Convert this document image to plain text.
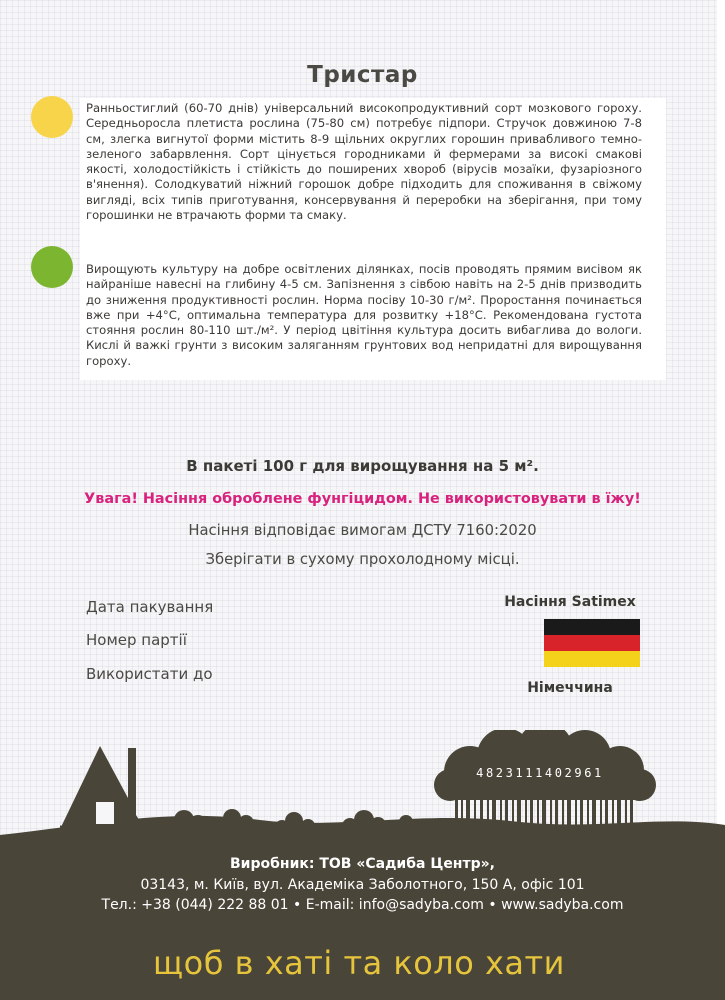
Тристар

Ранньостиглий (60-70 днів) універсальний високопродуктивний сорт мозкового гороху. Середньоросла плетиста рослина (75-80 см) потребує підпори. Стручок довжиною 7-8 см, злегка вигнутої форми містить 8-9 щільних округлих горошин привабливого темно-зеленого забарвлення. Сорт цінується городниками й фермерами за високі смакові якості, холодостійкість і стійкість до поширених хвороб (вірусів мозаїки, фузаріозного в'янення). Солодкуватий ніжний горошок добре підходить для споживання в свіжому вигляді, всіх типів приготування, консервування й переробки на зберігання, при тому горошинки не втрачають форми та смаку.

Вирощують культуру на добре освітлених ділянках, посів проводять прямим висівом як найраніше навесні на глибину 4-5 см. Запізнення з сівбою навіть на 2-5 днів призводить до зниження продуктивності рослин. Норма посіву 10-30 г/м². Проростання починається вже при +4°С, оптимальна температура для розвитку +18°С. Рекомендована густота стояння рослин 80-110 шт./м². У період цвітіння культура досить вибаглива до вологи. Кислі й важкі грунти з високим заляганням грунтових вод непридатні для вирощування гороху.

В пакеті 100 г для вирощування на 5 м².
Увага! Насіння оброблене фунгіцидом. Не використовувати в їжу!
Насіння відповідає вимогам ДСТУ 7160:2020
Зберігати в сухому прохолодному місці.
Дата пакування
Номер партії
Використати до
Насіння Satimex
Німеччина
4823111402961
Виробник: ТОВ «Садиба Центр»,
03143, м. Київ, вул. Академіка Заболотного, 150 А, офіс 101
Тел.: +38 (044) 222 88 01 • E-mail: info@sadyba.com • www.sadyba.com
щоб в хаті та коло хати
